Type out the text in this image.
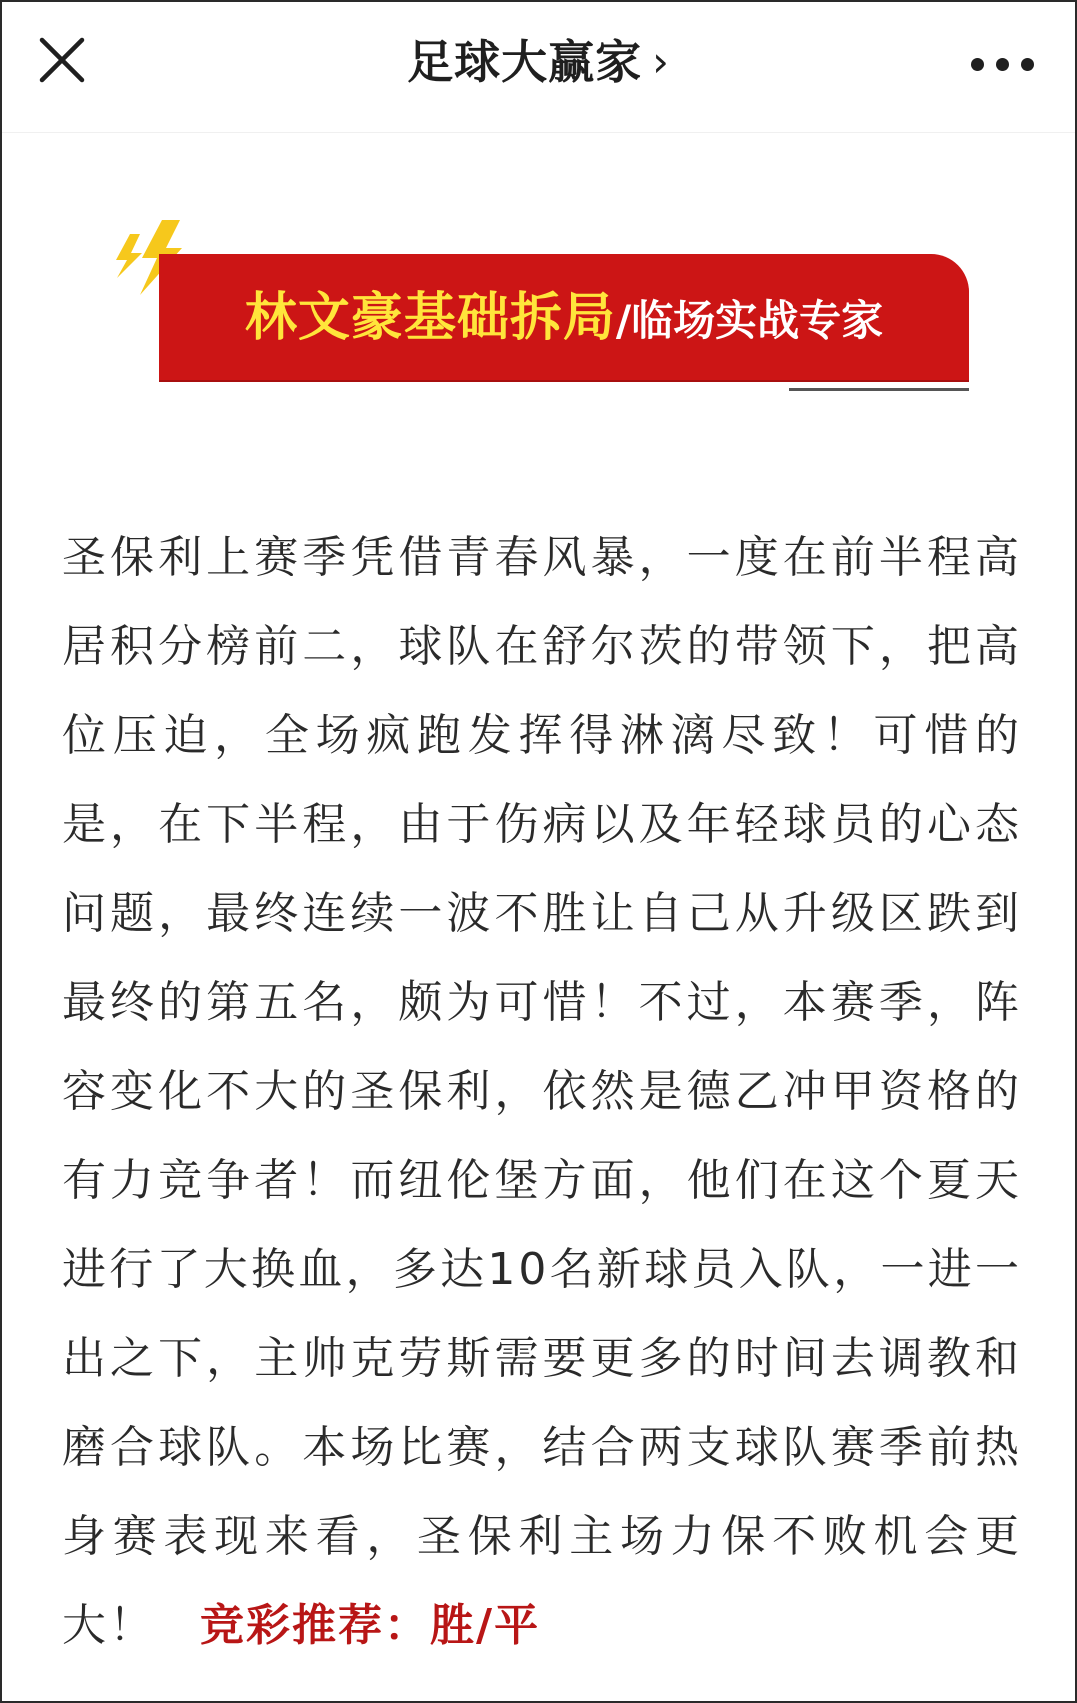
足球大赢家 ›
林文豪基础拆局/临场实战专家
圣保利上赛季凭借青春风暴，一度在前半程高居积分榜前二，球队在舒尔茨的带领下，把高位压迫，全场疯跑发挥得淋漓尽致！可惜的是，在下半程，由于伤病以及年轻球员的心态问题，最终连续一波不胜让自己从升级区跌到最终的第五名，颇为可惜！不过，本赛季，阵容变化不大的圣保利，依然是德乙冲甲资格的有力竞争者！而纽伦堡方面，他们在这个夏天进行了大换血，多达10名新球员入队，一进一出之下，主帅克劳斯需要更多的时间去调教和磨合球队。本场比赛，结合两支球队赛季前热身赛表现来看，圣保利主场力保不败机会更大！ 竞彩推荐：胜/平
